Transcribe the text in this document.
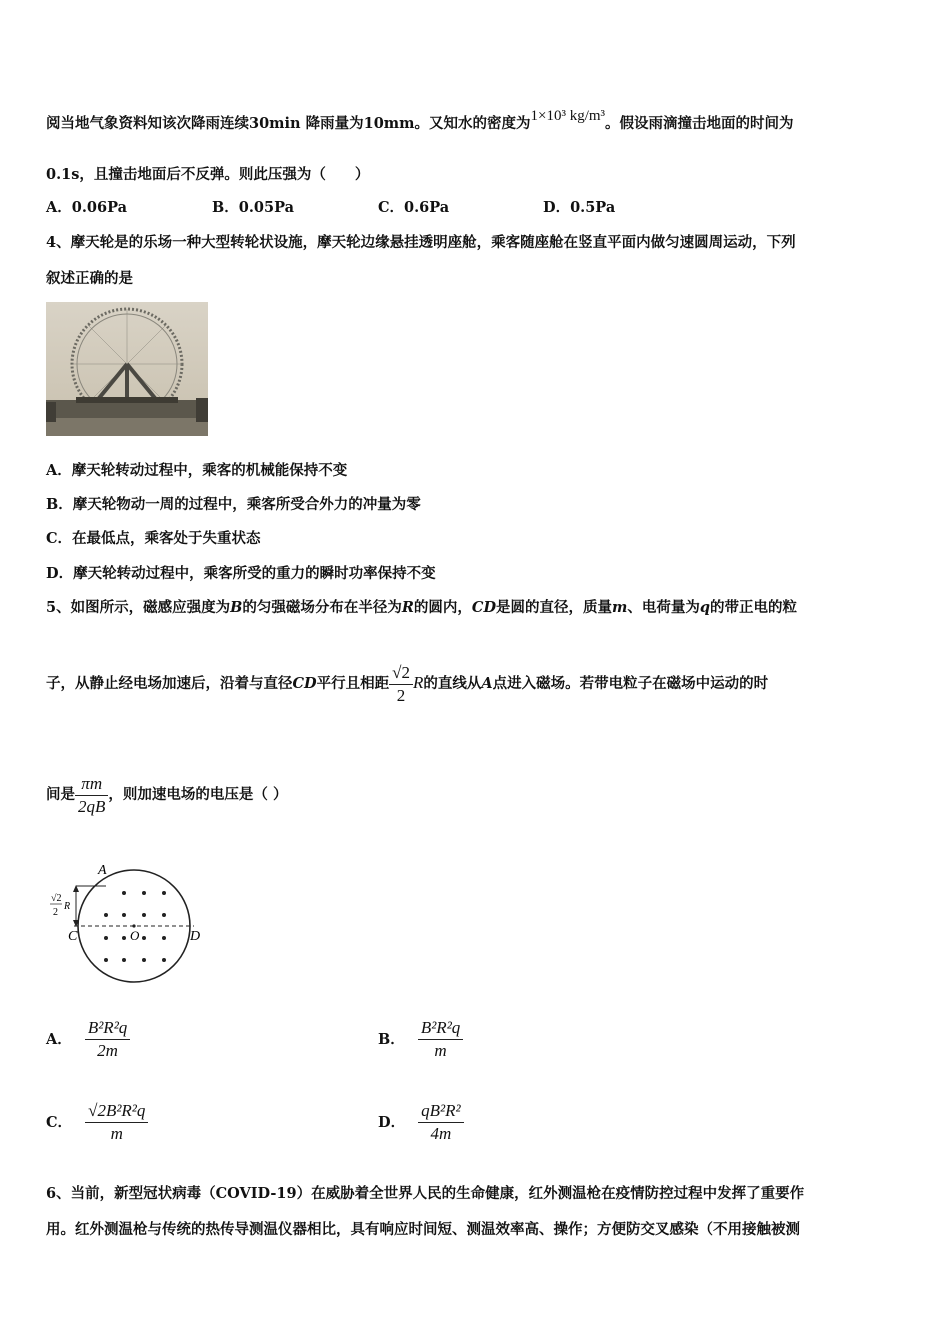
阅当地气象资料知该次降雨连续30min 降雨量为10mm。又知水的密度为1×10³ kg/m³。假设雨滴撞击地面的时间为
0.1s，且撞击地面后不反弹。则此压强为（　　）
A．0.06Pa	B．0.05Pa	C．0.6Pa	D．0.5Pa
4、摩天轮是的乐场一种大型转轮状设施，摩天轮边缘悬挂透明座舱，乘客随座舱在竖直平面内做匀速圆周运动，下列
叙述正确的是
A．摩天轮转动过程中，乘客的机械能保持不变
B．摩天轮物动一周的过程中，乘客所受合外力的冲量为零
C．在最低点，乘客处于失重状态
D．摩天轮转动过程中，乘客所受的重力的瞬时功率保持不变
5、如图所示，磁感应强度为B的匀强磁场分布在半径为R的圆内，CD是圆的直径，质量m、电荷量为q的带正电的粒
子，从静止经电场加速后，沿着与直径CD平行且相距 $\frac{√2}{2}$ R的直线从A点进入磁场。若带电粒子在磁场中运动的时
间是 $\frac{\pi m}{2qB}$ ，则加速电场的电压是（ ）
A
C	D
O
√2
2
R
A． $\frac{\text{B²R²q}}{2m}$	B． $\frac{\text{B²R²q}}{m}$
C． $\frac{\text{√2B²R²q}}{m}$	D． $\frac{\text{qB²R²}}{4m}$
6、当前，新型冠状病毒（COVID-19）在威胁着全世界人民的生命健康，红外测温枪在疫情防控过程中发挥了重要作
用。红外测温枪与传统的热传导测温仪器相比，具有响应时间短、测温效率高、操作；方便防交叉感染（不用接触被测
